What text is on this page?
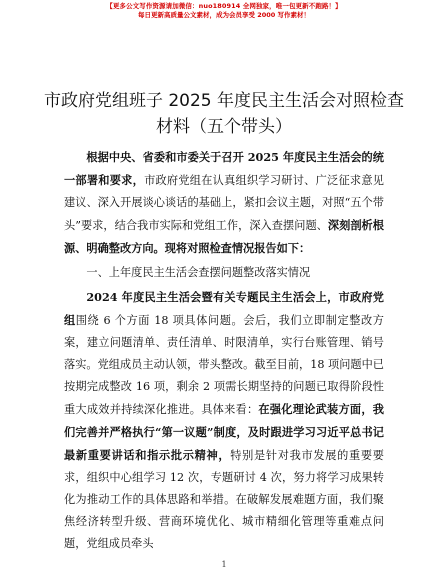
【更多公文写作资源请加微信：nuo180914 全网独家，唯一包更新不跑路！】
每日更新高质量公文素材，成为会员享受 2000 写作素材！
市政府党组班子 2025 年度民主生活会对照检查材料（五个带头）

根据中央、省委和市委关于召开 2025 年度民主生活会的统一部署和要求，市政府党组在认真组织学习研讨、广泛征求意见建议、深入开展谈心谈话的基础上，紧扣会议主题，对照“五个带头”要求，结合我市实际和党组工作，深入查摆问题、深刻剖析根源、明确整改方向。现将对照检查情况报告如下：

一、上年度民主生活会查摆问题整改落实情况

2024 年度民主生活会暨有关专题民主生活会上，市政府党组围绕 6 个方面 18 项具体问题。会后，我们立即制定整改方案，建立问题清单、责任清单、时限清单，实行台账管理、销号落实。党组成员主动认领，带头整改。截至目前，18 项问题中已按期完成整改 16 项，剩余 2 项需长期坚持的问题已取得阶段性重大成效并持续深化推进。具体来看：在强化理论武装方面，我们完善并严格执行“第一议题”制度，及时跟进学习习近平总书记最新重要讲话和指示批示精神，特别是针对我市发展的重要要求，组织中心组学习 12 次，专题研讨 4 次，努力将学习成果转化为推动工作的具体思路和举措。在破解发展难题方面，我们聚焦经济转型升级、营商环境优化、城市精细化管理等重难点问题，党组成员牵头

1
